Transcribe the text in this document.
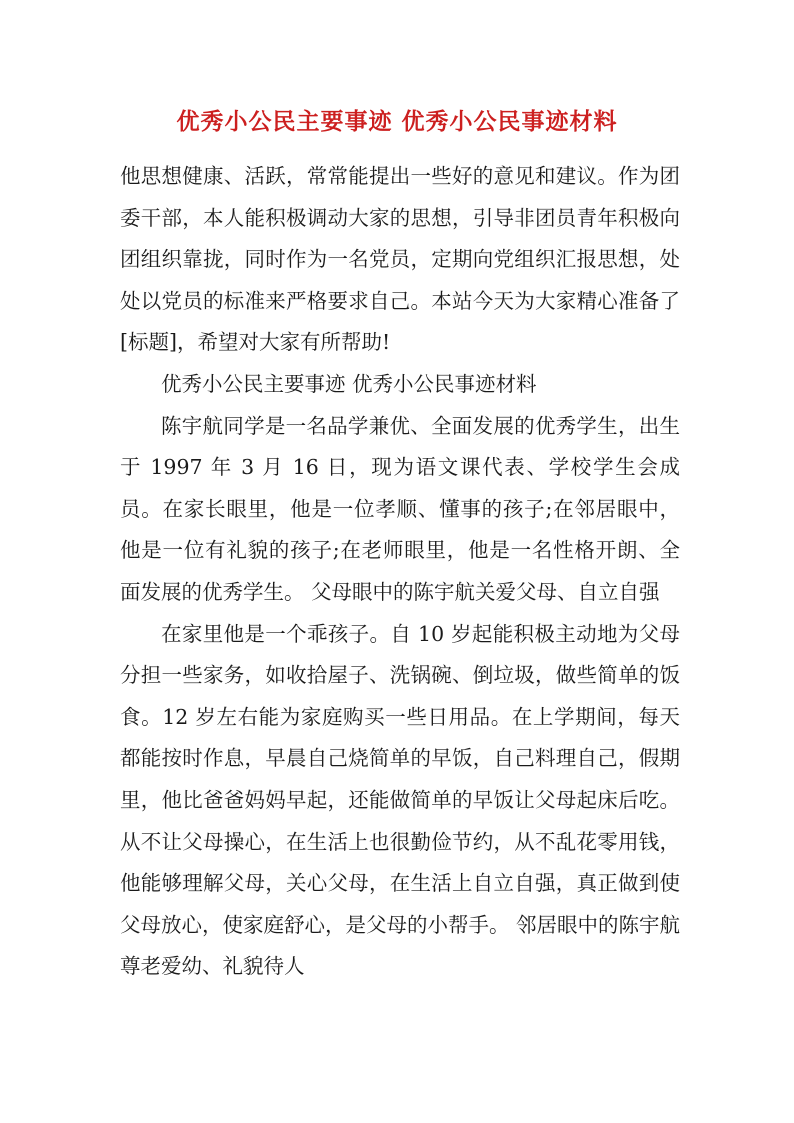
优秀小公民主要事迹 优秀小公民事迹材料

他思想健康、活跃，常常能提出一些好的意见和建议。作为团委干部，本人能积极调动大家的思想，引导非团员青年积极向团组织靠拢，同时作为一名党员，定期向党组织汇报思想，处处以党员的标准来严格要求自己。本站今天为大家精心准备了[标题]，希望对大家有所帮助!

优秀小公民主要事迹 优秀小公民事迹材料

陈宇航同学是一名品学兼优、全面发展的优秀学生，出生于 1997 年 3 月 16 日，现为语文课代表、学校学生会成员。在家长眼里，他是一位孝顺、懂事的孩子;在邻居眼中，他是一位有礼貌的孩子;在老师眼里，他是一名性格开朗、全面发展的优秀学生。 父母眼中的陈宇航关爱父母、自立自强

在家里他是一个乖孩子。自 10 岁起能积极主动地为父母分担一些家务，如收拾屋子、洗锅碗、倒垃圾，做些简单的饭食。12 岁左右能为家庭购买一些日用品。在上学期间，每天都能按时作息，早晨自己烧简单的早饭，自己料理自己，假期里，他比爸爸妈妈早起，还能做简单的早饭让父母起床后吃。 从不让父母操心，在生活上也很勤俭节约，从不乱花零用钱，他能够理解父母，关心父母，在生活上自立自强，真正做到使父母放心，使家庭舒心，是父母的小帮手。 邻居眼中的陈宇航尊老爱幼、礼貌待人
